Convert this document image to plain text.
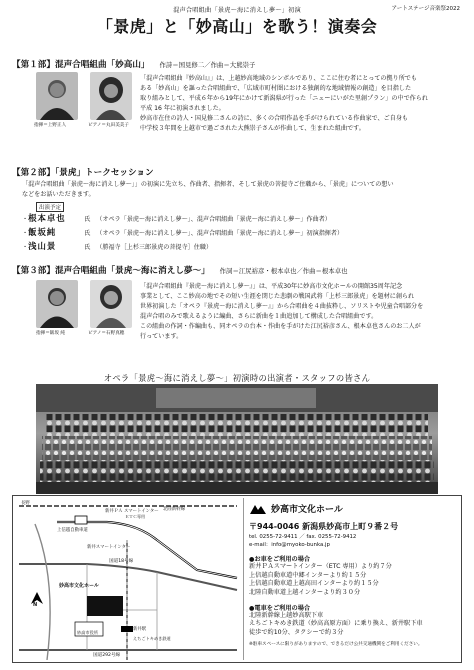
混声合唱組曲「景虎〜海に消えし夢〜」初演	アートステージ音楽祭2022
「景虎」と「妙高山」を歌う！演奏会
【第１部】混声合唱組曲「妙高山」 作詩＝国見修二／作曲＝大熊崇子
指揮＝上野正人	ピアノ＝丸田美美子
「混声合唱組曲『妙高山』」は、上越妙高地域のシンボルであり、ここに住む者にとっての拠り所でも
ある「妙高山」を謳った合唱組曲で、「広域市町村圏における独創的な地域情報の創造」を目指した
取り組みとして、平成６年から19年にかけて新潟県が行った「ニューにいがた里創プラン」の中で作られ
平成 16 年に初演されました。
妙高市在住の詩人・国見修二さんの詩に、多くの合唱作品を手がけられている作曲家で、ご自身も
中学校３年間を上越市で過ごされた大熊崇子さんが作曲して、生まれた組曲です。
【第２部】「景虎」トークセッション
「混声合唱組曲「景虎〜海に消えし夢〜」」の初演に先立ち、作曲者、指揮者、そして景虎の菩提寺ご住職から、「景虎」についての想い
などをお話いただきます。
出演予定
・根本卓也	氏 （オペラ「景虎〜海に消えし夢〜」、混声合唱組曲「景虎〜海に消えし夢〜」作曲者）
・飯坂純	氏 （オペラ「景虎〜海に消えし夢〜」、混声合唱組曲「景虎〜海に消えし夢〜」初演指揮者）
・浅山景	氏 （勝福寺［上杉三郎景虎の菩提寺］住職）
【第３部】混声合唱組曲「景虎〜海に消えし夢〜」 作詞＝江尻裕彦・根本卓也／作曲＝根本卓也
指揮＝飯坂 純	ピアノ＝石野真穂
「混声合唱組曲『景虎〜海に消えし夢〜』」は、平成30年に妙高市文化ホールの開館35周年記念
事業として、ここ妙高の地でその短い生涯を閉じた悲劇の戦国武将「上杉三郎景虎」を題材に創られ
世界初演した「オペラ『景虎〜海に消えし夢〜』」から合唱曲を４曲抜粋し、ソリストや児童合唱部分を
混声合唱のみで歌えるように編曲、さらに新曲を１曲追加して構成した合唱組曲です。
この組曲の作詞・作編曲も、同オペラの台本・作曲を手がけた江尻裕彦さん、根本卓也さんのお二人が
行っています。
オペラ「景虎〜海に消えし夢〜」初演時の出演者・スタッフの皆さん
新井ＰＡ スマートインター
ＥＴＣ専用
長野
上信越自動車道
北陸新幹線
新井スマートインター
国道18号線
妙高市文化ホール
妙高市役所
新井駅
えちごトキめき鉄道
国道292号線
N
妙高市文化ホール
〒944-0046 新潟県妙高市上町９番２号
tel. 0255-72-9411 ／ fax. 0255-72-9412
e-mail：info@myoko-bunka.jp
●お車をご利用の場合
新井ＰＡスマートインター（ETC 専用）より約７分
上信越自動車道中郷インターより約１５分
上信越自動車道上越高田インターより約１５分
北陸自動車道上越インターより約３０分
●電車をご利用の場合
北陸新幹線上越妙高駅下車
えちごトキめき鉄道（妙高高原方面）に乗り換え、新井駅下車
徒歩で約10分、タクシーで約３分
※駐車スペースに限りがありますので、できるだけ公共交通機関をご利用ください。
